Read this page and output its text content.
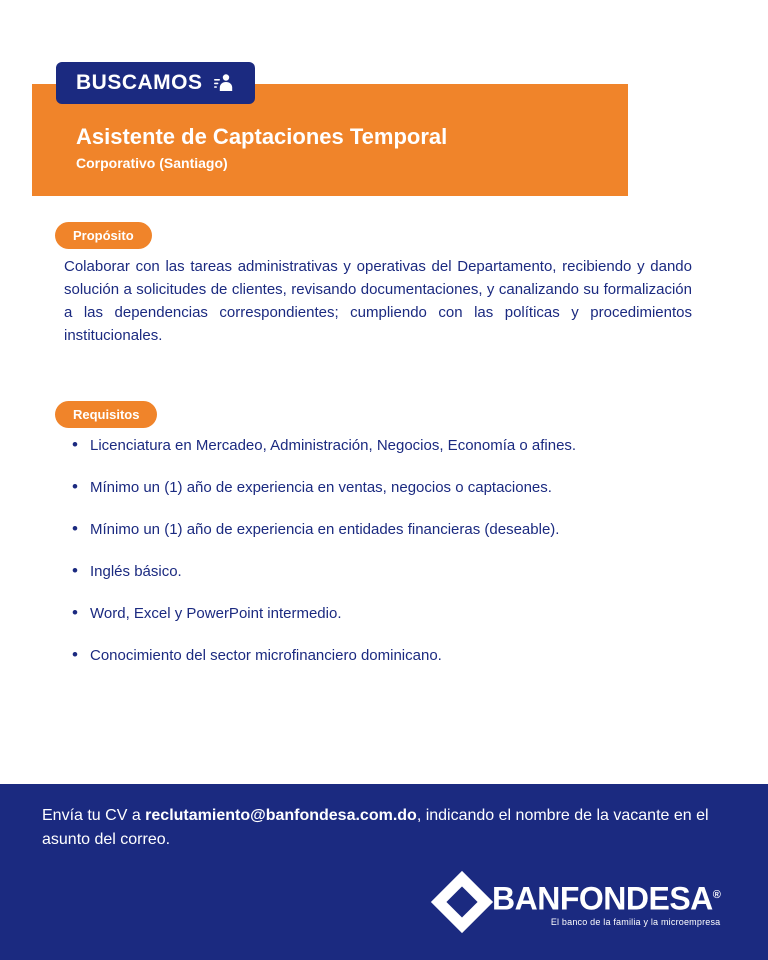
BUSCAMOS
Asistente de Captaciones Temporal
Corporativo (Santiago)
Propósito
Colaborar con las tareas administrativas y operativas del Departamento, recibiendo y dando solución a solicitudes de clientes, revisando documentaciones, y canalizando su formalización a las dependencias correspondientes; cumpliendo con las políticas y procedimientos institucionales.
Requisitos
• Licenciatura en Mercadeo, Administración, Negocios, Economía o afines.
• Mínimo un (1) año de experiencia en ventas, negocios o captaciones.
• Mínimo un (1) año de experiencia en entidades financieras (deseable).
• Inglés básico.
• Word, Excel y PowerPoint intermedio.
• Conocimiento del sector microfinanciero dominicano.
Envía tu CV a reclutamiento@banfondesa.com.do, indicando el nombre de la vacante en el asunto del correo.
BANFONDESA®
El banco de la familia y la microempresa
